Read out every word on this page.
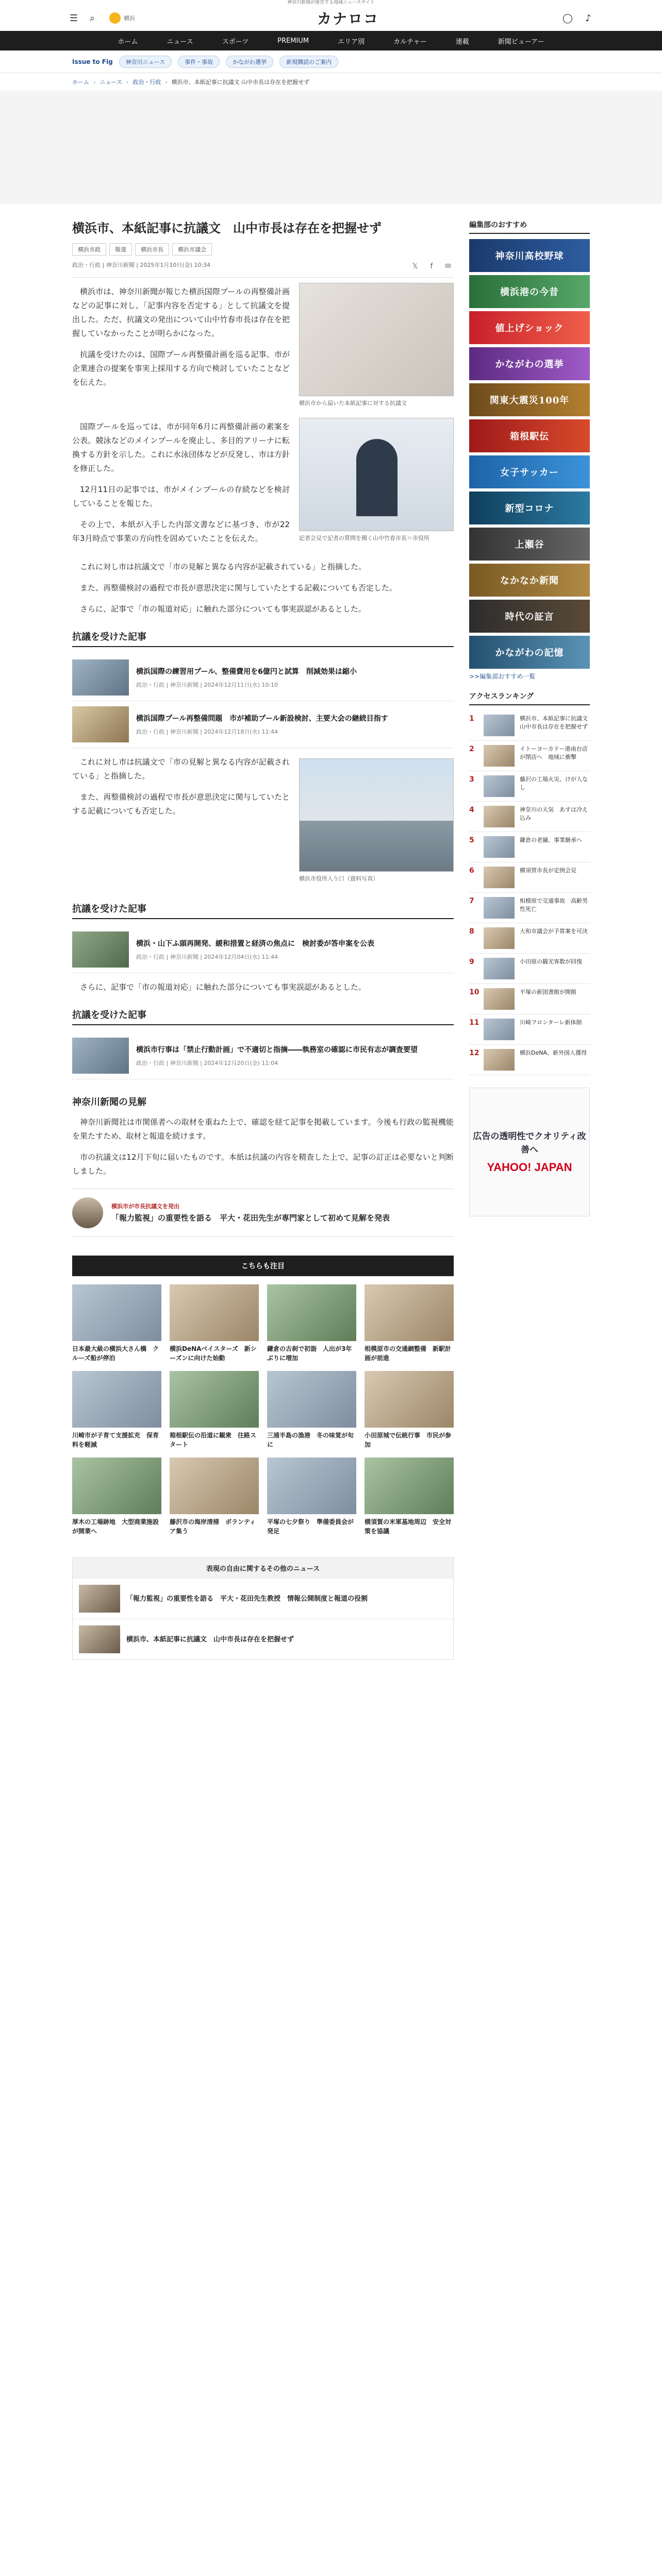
神奈川新聞が運営する地域ニュースサイト
☰	⌕	横浜	カナロコ	◯	♪
ホーム	ニュース	スポーツ	PREMIUM	エリア別	カルチャー	連載	新聞ビューアー
Issue to Fig	神奈川ニュース	事件・事故	かながわ選挙	新規購読のご案内
ホーム › ニュース › 政治・行政 › 横浜市、本紙記事に抗議文 山中市長は存在を把握せず
横浜市、本紙記事に抗議文　山中市長は存在を把握せず
横浜市政	報道	横浜市長	横浜市議会
政治・行政 | 神奈川新聞 | 2025年1月10日(金) 10:34	𝕏	f	✉
横浜市から届いた本紙記事に対する抗議文

横浜市は、神奈川新聞が報じた横浜国際プールの再整備計画などの記事に対し、「記事内容を否定する」として抗議文を提出した。ただ、抗議文の発出について山中竹春市長は存在を把握していなかったことが明らかになった。

抗議を受けたのは、国際プール再整備計画を巡る記事。市が企業連合の提案を事実上採用する方向で検討していたことなどを伝えた。

記者会見で記者の質問を聞く山中竹春市長＝市役所

国際プールを巡っては、市が同年6月に再整備計画の素案を公表。競泳などのメインプールを廃止し、多目的アリーナに転換する方針を示した。これに水泳団体などが反発し、市は方針を修正した。

12月11日の記事では、市がメインプールの存続などを検討していることを報じた。

その上で、本紙が入手した内部文書などに基づき、市が22年3月時点で事業の方向性を固めていたことを伝えた。

これに対し市は抗議文で「市の見解と異なる内容が記載されている」と指摘した。

また、再整備検討の過程で市長が意思決定に関与していたとする記載についても否定した。

さらに、記事で「市の報道対応」に触れた部分についても事実誤認があるとした。

抗議を受けた記事
横浜国際の練習用プール、整備費用を6億円と試算　削減効果は縮小
政治・行政 | 神奈川新聞 | 2024年12月11日(水) 10:10
横浜国際プール再整備問題　市が補助プール新設検討、主要大会の継続目指す
政治・行政 | 神奈川新聞 | 2024年12月18日(水) 11:44
横浜市役所入り口（資料写真）

これに対し市は抗議文で「市の見解と異なる内容が記載されている」と指摘した。

また、再整備検討の過程で市長が意思決定に関与していたとする記載についても否定した。

抗議を受けた記事
横浜・山下ふ頭再開発、緩和措置と経済の焦点に　検討委が答申案を公表
政治・行政 | 神奈川新聞 | 2024年12月04日(水) 11:44

さらに、記事で「市の報道対応」に触れた部分についても事実誤認があるとした。

抗議を受けた記事
横浜市行事は「禁止行動計画」で不適切と指摘――執務室の確認に市民有志が調査要望
政治・行政 | 神奈川新聞 | 2024年12月20日(金) 11:04
神奈川新聞の見解

神奈川新聞社は市関係者への取材を重ねた上で、確認を経て記事を掲載しています。今後も行政の監視機能を果たすため、取材と報道を続けます。

市の抗議文は12月下旬に届いたものです。本紙は抗議の内容を精査した上で、記事の訂正は必要ないと判断しました。

横浜市が市長抗議文を発出
「報力監視」の重要性を語る　平大・花田先生が専門家として初めて見解を発表
こちらも注目
日本最大級の横浜大さん橋　クルーズ船が停泊
横浜DeNAベイスターズ　新シーズンに向けた始動
鎌倉の古刹で初詣　人出が3年ぶりに増加
相模原市の交通網整備　新駅計画が前進
川崎市が子育て支援拡充　保育料を軽減
箱根駅伝の沿道に観衆　往路スタート
三浦半島の漁港　冬の味覚が旬に
小田原城で伝統行事　市民が参加
厚木の工場跡地　大型商業施設が開業へ
藤沢市の海岸清掃　ボランティア集う
平塚の七夕祭り　準備委員会が発足
横須賀の米軍基地周辺　安全対策を協議
表現の自由に関するその他のニュース
「報力監視」の重要性を語る　平大・花田先生教授　情報公開制度と報道の役割
横浜市、本紙記事に抗議文　山中市長は存在を把握せず
編集部のおすすめ
神奈川高校野球
横浜港の今昔
値上げショック
かながわの選挙
関東大震災100年
箱根駅伝
女子サッカー
新型コロナ
上瀬谷
なかなか新聞
時代の証言
かながわの記憶
>>編集部おすすめ一覧
アクセスランキング
1	横浜市、本紙記事に抗議文　山中市長は存在を把握せず
2	イトーヨーカドー港南台店が閉店へ　地域に衝撃
3	藤沢の工場火災、けが人なし
4	神奈川の天気　あすは冷え込み
5	鎌倉の老舗、事業継承へ
6	横須賀市長が定例会見
7	相模原で交通事故　高齢男性死亡
8	大和市議会が予算案を可決
9	小田原の観光客数が回復
10	平塚の新図書館が開館
11	川崎フロンターレ新体制
12	横浜DeNA、新外国人獲得
広告の透明性でクオリティ改善へ
YAHOO! JAPAN
